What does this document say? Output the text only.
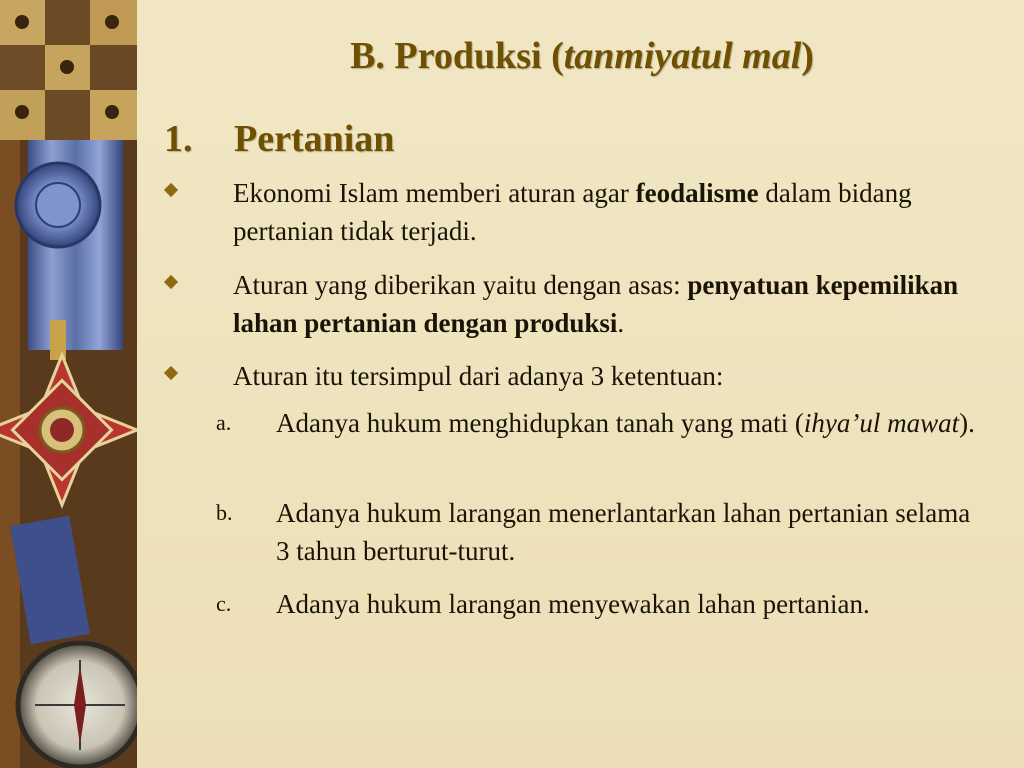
B. Produksi (tanmiyatul mal)
1. Pertanian
Ekonomi Islam memberi aturan agar feodalisme dalam bidang pertanian tidak terjadi.
Aturan yang diberikan yaitu dengan asas: penyatuan kepemilikan lahan pertanian dengan produksi.
Aturan itu tersimpul dari adanya 3 ketentuan:
a. Adanya hukum menghidupkan tanah yang mati (ihya’ul mawat).
b. Adanya hukum larangan menerlantarkan lahan pertanian selama 3 tahun berturut-turut.
c. Adanya hukum larangan menyewakan lahan pertanian.
